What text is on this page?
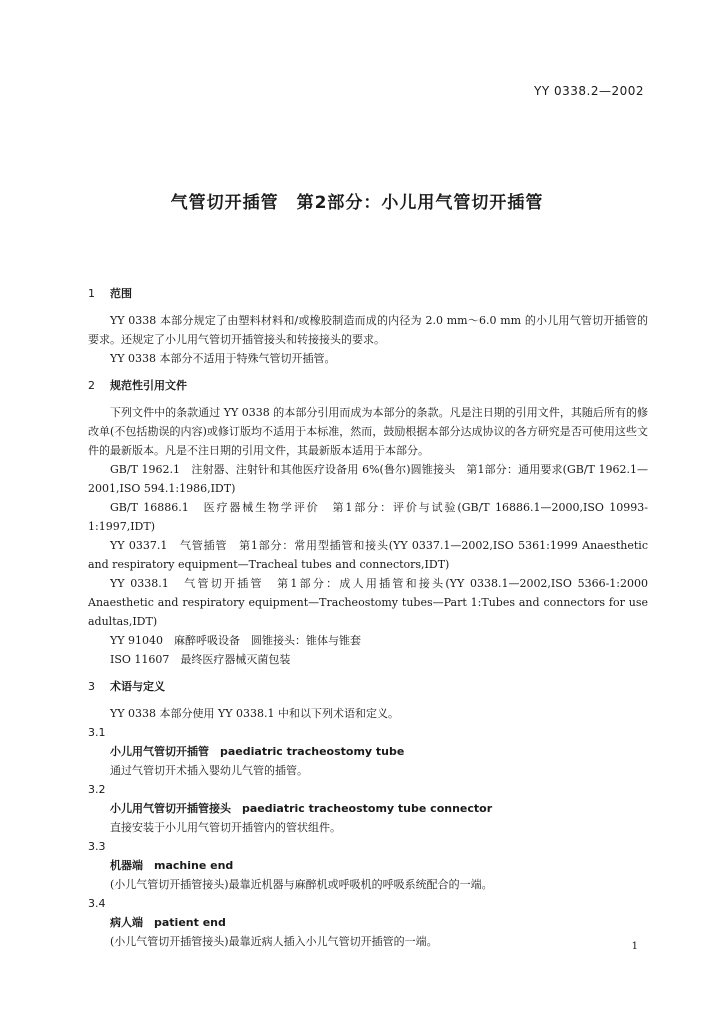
YY 0338.2—2002
气管切开插管　第2部分：小儿用气管切开插管

1 范围

YY 0338 本部分规定了由塑料材料和/或橡胶制造而成的内径为 2.0 mm～6.0 mm 的小儿用气管切开插管的要求。还规定了小儿用气管切开插管接头和转接接头的要求。

YY 0338 本部分不适用于特殊气管切开插管。

2 规范性引用文件

下列文件中的条款通过 YY 0338 的本部分引用而成为本部分的条款。凡是注日期的引用文件，其随后所有的修改单(不包括勘误的内容)或修订版均不适用于本标准，然而，鼓励根据本部分达成协议的各方研究是否可使用这些文件的最新版本。凡是不注日期的引用文件，其最新版本适用于本部分。

GB/T 1962.1　注射器、注射针和其他医疗设备用 6%(鲁尔)圆锥接头　第1部分：通用要求(GB/T 1962.1—2001,ISO 594.1:1986,IDT)

GB/T 16886.1　医疗器械生物学评价　第1部分：评价与试验(GB/T 16886.1—2000,ISO 10993-1:1997,IDT)

YY 0337.1　气管插管　第1部分：常用型插管和接头(YY 0337.1—2002,ISO 5361:1999 Anaesthetic and respiratory equipment—Tracheal tubes and connectors,IDT)

YY 0338.1　气管切开插管　第1部分：成人用插管和接头(YY 0338.1—2002,ISO 5366-1:2000 Anaesthetic and respiratory equipment—Tracheostomy tubes—Part 1:Tubes and connectors for use adultas,IDT)

YY 91040　麻醉呼吸设备　圆锥接头：锥体与锥套

ISO 11607　最终医疗器械灭菌包装

3 术语与定义

YY 0338 本部分使用 YY 0338.1 中和以下列术语和定义。

3.1

小儿用气管切开插管　paediatric tracheostomy tube

通过气管切开术插入婴幼儿气管的插管。

3.2

小儿用气管切开插管接头　paediatric tracheostomy tube connector

直接安装于小儿用气管切开插管内的管状组件。

3.3

机器端　machine end

(小儿气管切开插管接头)最靠近机器与麻醉机或呼吸机的呼吸系统配合的一端。

3.4

病人端　patient end

(小儿气管切开插管接头)最靠近病人插入小儿气管切开插管的一端。	1
